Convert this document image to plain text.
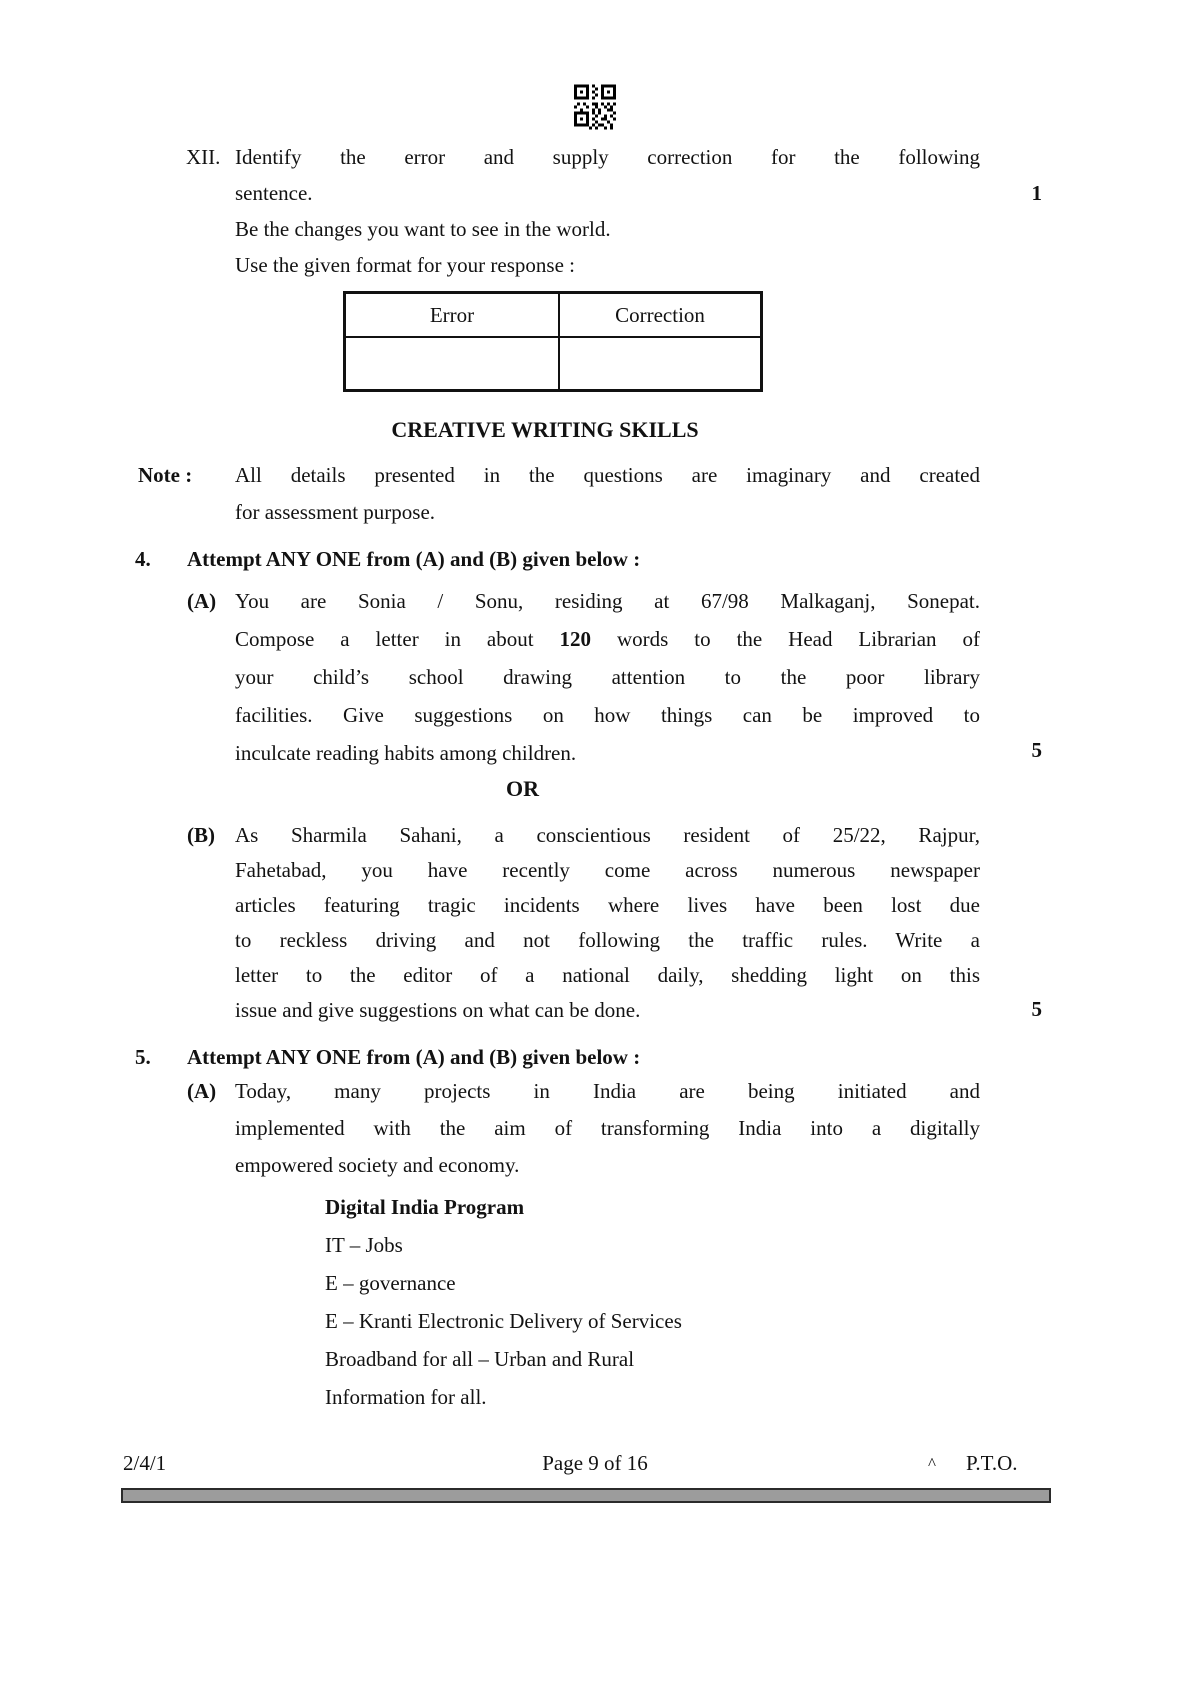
XII. Identify the error and supply correction for the following
sentence.
Be the changes you want to see in the world.
Use the given format for your response :
1
Error	Correction

CREATIVE WRITING SKILLS
Note : All details presented in the questions are imaginary and created
for assessment purpose.
4. Attempt ANY ONE from (A) and (B) given below :
(A) You are Sonia / Sonu, residing at 67/98 Malkaganj, Sonepat.
Compose a letter in about 120 words to the Head Librarian of
your child’s school drawing attention to the poor library
facilities. Give suggestions on how things can be improved to
inculcate reading habits among children.	5
OR
(B) As Sharmila Sahani, a conscientious resident of 25/22, Rajpur,
Fahetabad, you have recently come across numerous newspaper
articles featuring tragic incidents where lives have been lost due
to reckless driving and not following the traffic rules. Write a
letter to the editor of a national daily, shedding light on this
issue and give suggestions on what can be done.	5
5. Attempt ANY ONE from (A) and (B) given below :
(A) Today, many projects in India are being initiated and
implemented with the aim of transforming India into a digitally
empowered society and economy.
Digital India Program
IT – Jobs
E – governance
E – Kranti Electronic Delivery of Services
Broadband for all – Urban and Rural
Information for all.
2/4/1	Page 9 of 16	^ P.T.O.
